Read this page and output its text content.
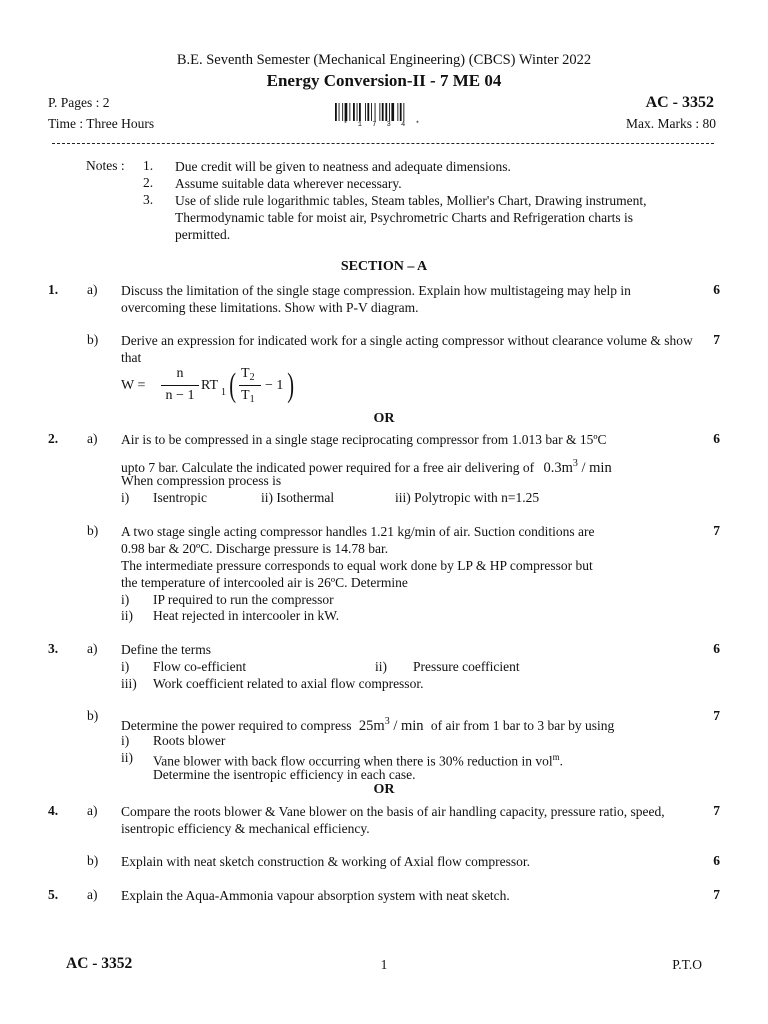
B.E. Seventh Semester (Mechanical Engineering) (CBCS) Winter 2022
Energy Conversion-II - 7 ME 04
P. Pages : 2
Time : Three Hours
AC - 3352
Max. Marks : 80
* 1 7 3 4 *
Notes : 1.	Due credit will be given to neatness and adequate dimensions.
2.	Assume suitable data wherever necessary.
3.	Use of slide rule logarithmic tables, Steam tables, Mollier's Chart, Drawing instrument, Thermodynamic table for moist air, Psychrometric Charts and Refrigeration charts is permitted.
SECTION – A
1. a) Discuss the limitation of the single stage compression. Explain how multistageing may help in overcoming these limitations. Show with P-V diagram.
6
b) Derive an expression for indicated work for a single acting compressor without clearance volume & show that
7
W =
n
n − 1
RT 1 ( $T_2$
$T_1$
− 1 )
OR
2. a) Air is to be compressed in a single stage reciprocating compressor from 1.013 bar & 15ºC	6
upto 7 bar. Calculate the indicated power required for a free air delivering of $0.3m^3$ / min
When compression process is
i) Isentropic	ii) Isothermal	iii) Polytropic with n=1.25
b) A two stage single acting compressor handles 1.21 kg/min of air. Suction conditions are	7
0.98 bar & 20ºC. Discharge pressure is 14.78 bar.
The intermediate pressure corresponds to equal work done by LP & HP compressor but
the temperature of intercooled air is 26ºC. Determine
i) IP required to run the compressor
ii) Heat rejected in intercooler in kW.
3. a) Define the terms	6
i) Flow co-efficient	ii) Pressure coefficient
iii) Work coefficient related to axial flow compressor.
b)	7
Determine the power required to compress $25m^3$ / min of air from 1 bar to 3 bar by using
i) Roots blower
ii) Vane blower with back flow occurring when there is 30% reduction in vol$^m$.
Determine the isentropic efficiency in each case.
OR
4. a) Compare the roots blower & Vane blower on the basis of air handling capacity, pressure ratio, speed, isentropic efficiency & mechanical efficiency.
7
b) Explain with neat sketch construction & working of Axial flow compressor.	6
5. a) Explain the Aqua-Ammonia vapour absorption system with neat sketch.	7
AC - 3352	1	P.T.O
